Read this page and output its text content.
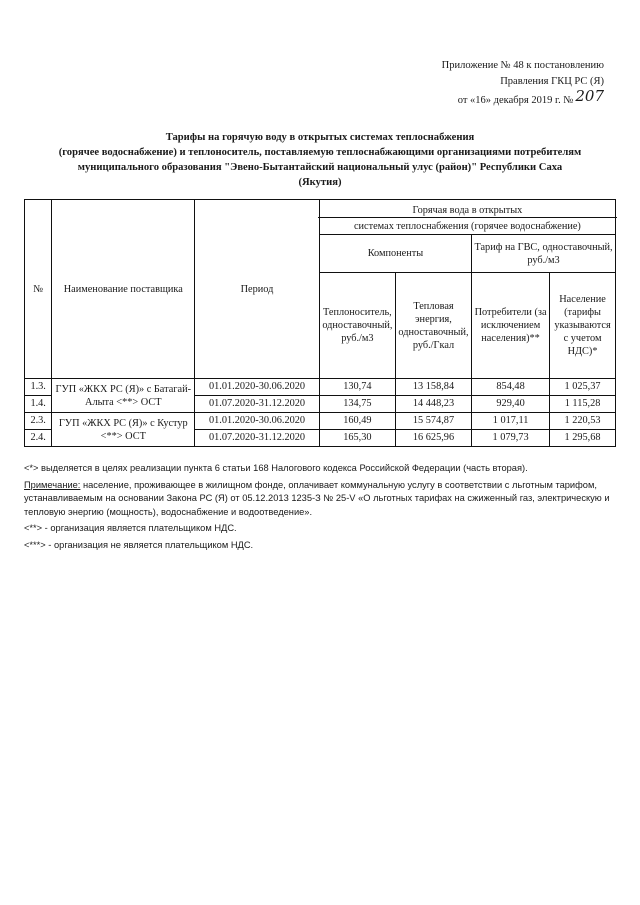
Приложение № 48 к постановлению
Правления ГКЦ РС (Я)
от «16» декабря 2019 г. № 207
Тарифы на горячую воду в открытых системах теплоснабжения
(горячее водоснабжение) и теплоноситель, поставляемую теплоснабжающими организациями потребителям
муниципального образования "Эвено-Бытантайский национальный улус (район)" Республики Саха
(Якутия)
№	Наименование поставщика	Период	Горячая вода в открытых
системах теплоснабжения (горячее водоснабжение)			

			Компоненты		Тариф на ГВС, одноставочный, руб./м3	
			Теплоноситель, одноставочный, руб./м3	Тепловая энергия, одноставочный, руб./Гкал	Потребители (за исключением населения)**	Население (тарифы указываются с учетом НДС)*
1.3.	ГУП «ЖКХ РС (Я)» с Батагай-Алыта <**> ОСТ	01.01.2020-30.06.2020	130,74	13 158,84	854,48	1 025,37
1.4.		01.07.2020-31.12.2020	134,75	14 448,23	929,40	1 115,28
2.3.	ГУП «ЖКХ РС (Я)» с Кустур <**> ОСТ	01.01.2020-30.06.2020	160,49	15 574,87	1 017,11	1 220,53
2.4.		01.07.2020-31.12.2020	165,30	16 625,96	1 079,73	1 295,68

<*> выделяется в целях реализации пункта 6 статьи 168 Налогового кодекса Российской Федерации (часть вторая).

Примечание: население, проживающее в жилищном фонде, оплачивает коммунальную услугу в соответствии с льготным тарифом, устанавливаемым на основании Закона РС (Я) от 05.12.2013 1235-З № 25-V «О льготных тарифах на сжиженный газ, электрическую и тепловую энергию (мощность), водоснабжение и водоотведение».

<**> - организация является плательщиком НДС.

<***> - организация не является плательщиком НДС.
